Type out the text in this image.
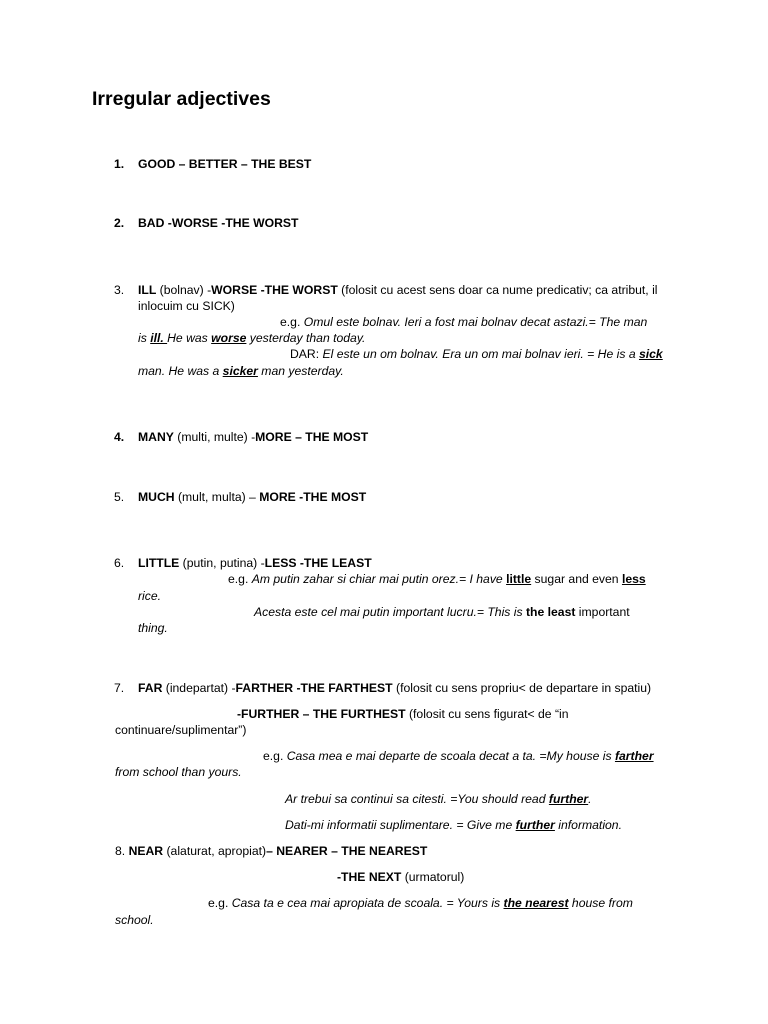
Irregular adjectives
1. GOOD – BETTER – THE BEST
2. BAD -WORSE -THE WORST
3. ILL (bolnav) -WORSE -THE WORST (folosit cu acest sens doar ca nume predicativ; ca atribut, il inlocuim cu SICK)

e.g. Omul este bolnav. Ieri a fost mai bolnav decat astazi.= The man
is ill. He was worse yesterday than today.
DAR: El este un om bolnav. Era un om mai bolnav ieri. = He is a sick
man. He was a sicker man yesterday.
4. MANY (multi, multe) -MORE – THE MOST
5. MUCH (mult, multa) – MORE -THE MOST
6. LITTLE (putin, putina) -LESS -THE LEAST
e.g. Am putin zahar si chiar mai putin orez.= I have little sugar and even less
rice.
Acesta este cel mai putin important lucru.= This is the least important
thing.
7. FAR (indepartat) -FARTHER -THE FARTHEST (folosit cu sens propriu< de departare in spatiu)
-FURTHER – THE FURTHEST (folosit cu sens figurat< de “in
continuare/suplimentar”)
e.g. Casa mea e mai departe de scoala decat a ta. =My house is farther
from school than yours.
Ar trebui sa continui sa citesti. =You should read further.
Dati-mi informatii suplimentare. = Give me further information.
8. NEAR (alaturat, apropiat)– NEARER – THE NEAREST
-THE NEXT (urmatorul)
e.g. Casa ta e cea mai apropiata de scoala. = Yours is the nearest house from
school.
